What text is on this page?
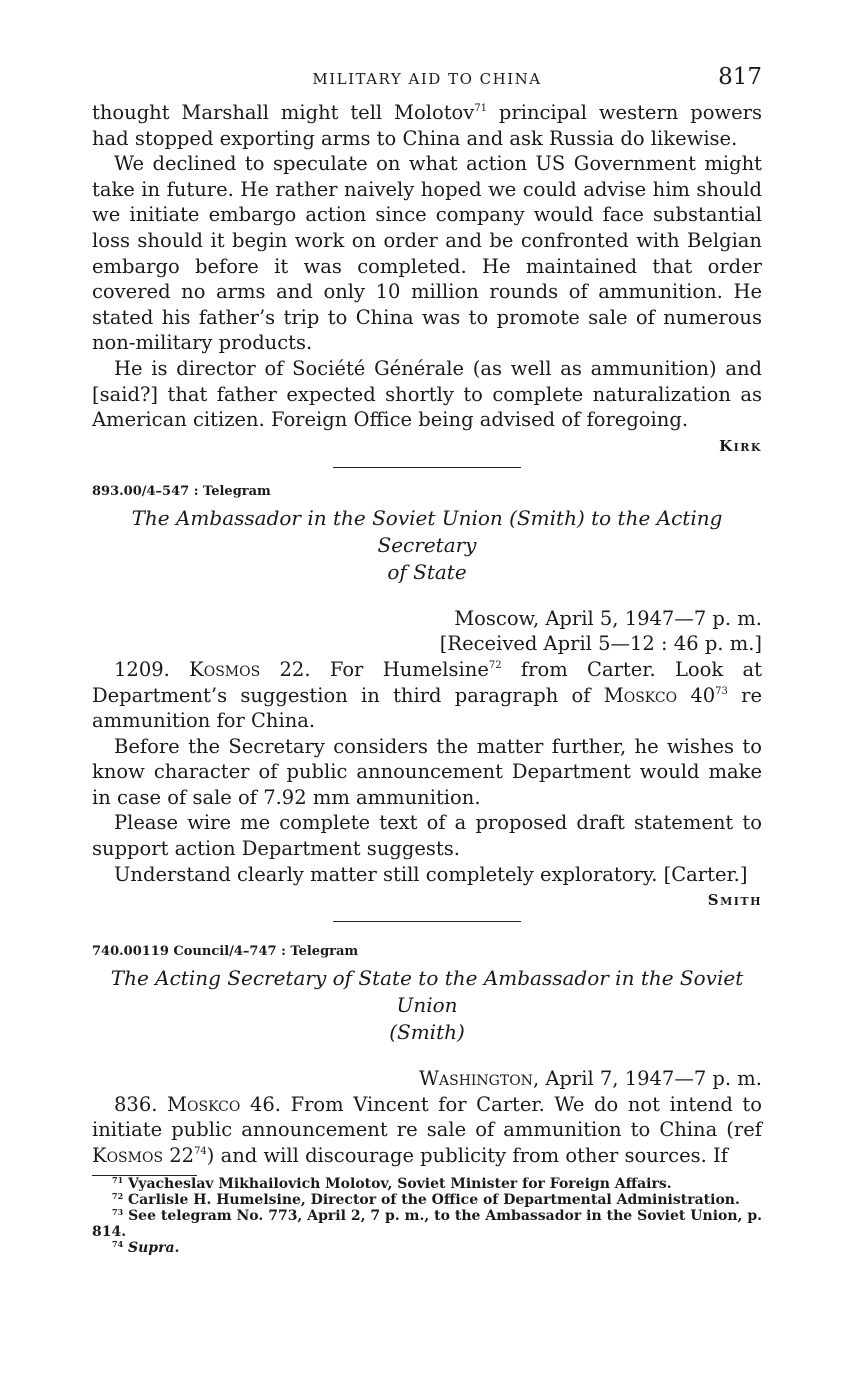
MILITARY AID TO CHINA	817

thought Marshall might tell Molotov$^{71}$ principal western powers had stopped exporting arms to China and ask Russia do likewise.

We declined to speculate on what action US Government might take in future. He rather naively hoped we could advise him should we initiate embargo action since company would face substantial loss should it begin work on order and be confronted with Belgian embargo before it was completed. He maintained that order covered no arms and only 10 million rounds of ammunition. He stated his father’s trip to China was to promote sale of numerous non-military products.

He is director of Société Générale (as well as ammunition) and [said?] that father expected shortly to complete naturalization as American citizen. Foreign Office being advised of foregoing.

Kirk
893.00/4–547 : Telegram
The Ambassador in the Soviet Union (Smith) to the Acting Secretary
of State
Moscow, April 5, 1947—7 p. m.
[Received April 5—12 : 46 p. m.]

1209. Kosmos 22. For Humelsine$^{72}$ from Carter. Look at Department’s suggestion in third paragraph of Moskco $40^{73}$ re ammunition for China.

Before the Secretary considers the matter further, he wishes to know character of public announcement Department would make in case of sale of 7.92 mm ammunition.

Please wire me complete text of a proposed draft statement to support action Department suggests.

Understand clearly matter still completely exploratory. [Carter.]

Smith
740.00119 Council/4–747 : Telegram
The Acting Secretary of State to the Ambassador in the Soviet Union
(Smith)
Washington, April 7, 1947—7 p. m.

836. Moskco 46. From Vincent for Carter. We do not intend to initiate public announcement re sale of ammunition to China (ref Kosmos $22^{74}$) and will discourage publicity from other sources. If

$^{71}$ Vyacheslav Mikhailovich Molotov, Soviet Minister for Foreign Affairs.
$^{72}$ Carlisle H. Humelsine, Director of the Office of Departmental Administration.
$^{73}$ See telegram No. 773, April 2, 7 p. m., to the Ambassador in the Soviet Union, p. 814.
$^{74}$ Supra.
